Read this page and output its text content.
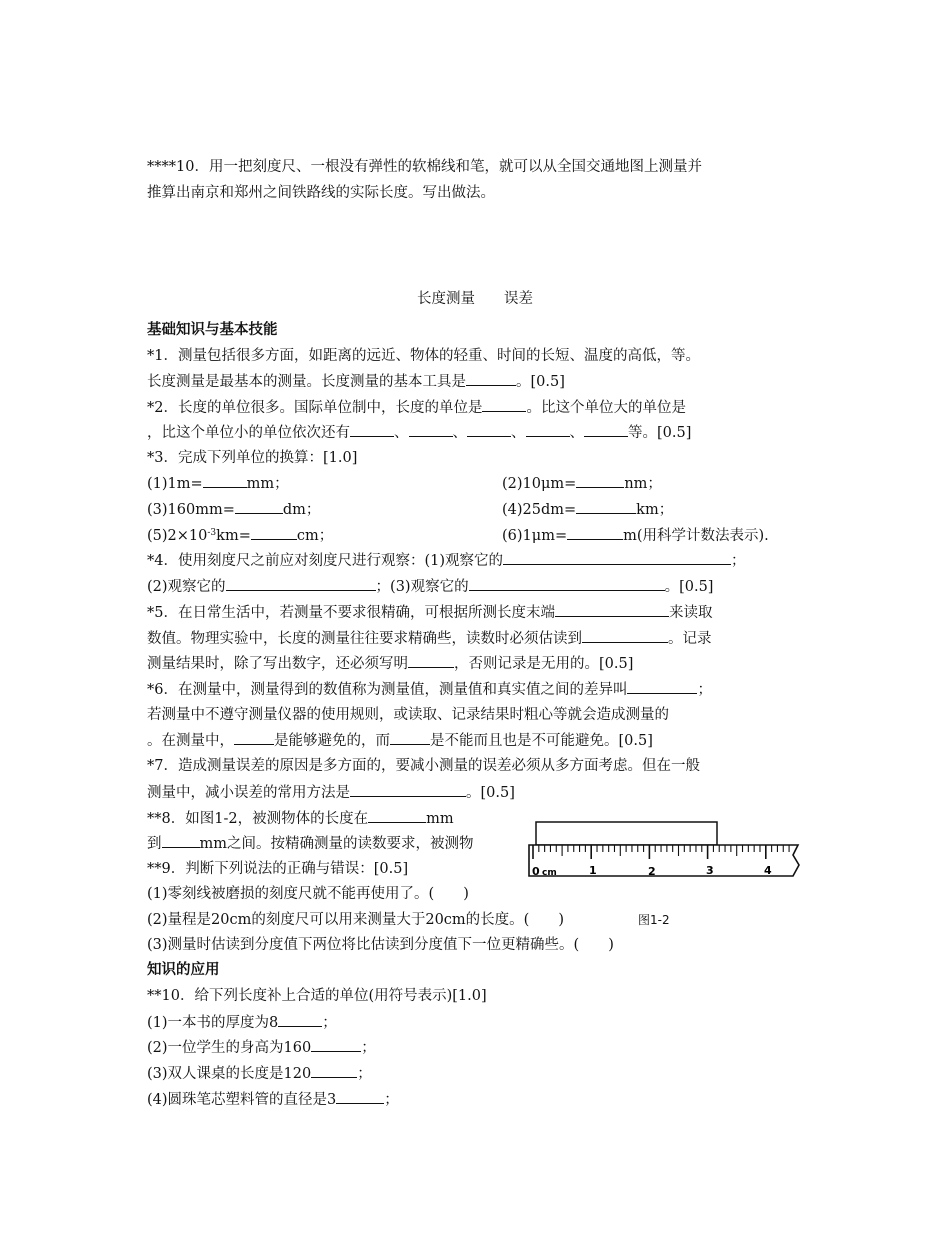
****10．用一把刻度尺、一根没有弹性的软棉线和笔，就可以从全国交通地图上测量并
推算出南京和郑州之间铁路线的实际长度。写出做法。
长度测量　　误差
基础知识与基本技能
*1．测量包括很多方面，如距离的远近、物体的轻重、时间的长短、温度的高低，等。
长度测量是最基本的测量。长度测量的基本工具是	。[0.5]
*2．长度的单位很多。国际单位制中，长度的单位是	。比这个单位大的单位是
，比这个单位小的单位依次还有	、	、	、	、	等。[0.5]
*3．完成下列单位的换算：[1.0]
(1)1m=	mm；	(2)10μm=	nm；
(3)160mm=	dm；	(4)25dm=	km；
$(5)2\times 10^{-3}km=$	cm；	(6)1μm=	m(用科学计数法表示).
*4．使用刻度尺之前应对刻度尺进行观察：(1)观察它的	；
(2)观察它的	；(3)观察它的	。[0.5]
*5．在日常生活中，若测量不要求很精确，可根据所测长度末端	来读取
数值。物理实验中，长度的测量往往要求精确些，读数时必须估读到	。记录
测量结果时，除了写出数字，还必须写明	，否则记录是无用的。[0.5]
*6．在测量中，测量得到的数值称为测量值，测量值和真实值之间的差异叫	；
若测量中不遵守测量仪器的使用规则，或读取、记录结果时粗心等就会造成测量的
。在测量中，	是能够避免的，而	是不能而且也是不可能避免。[0.5]
*7．造成测量误差的原因是多方面的，要减小测量的误差必须从多方面考虑。但在一般
测量中，减小误差的常用方法是	。[0.5]
**8．如图1-2，被测物体的长度在	mm
到	mm之间。按精确测量的读数要求，被测物
**9．判断下列说法的正确与错误：[0.5]
(1)零刻线被磨损的刻度尺就不能再使用了。(　　)
(2)量程是20cm的刻度尺可以用来测量大于20cm的长度。(　　)
(3)测量时估读到分度值下两位将比估读到分度值下一位更精确些。(　　)
0 cm	1	2	3	4
图1-2
知识的应用
**10．给下列长度补上合适的单位(用符号表示)[1.0]
(1)一本书的厚度为8	；
(2)一位学生的身高为160	；
(3)双人课桌的长度是120	；
(4)圆珠笔芯塑料管的直径是3	；
